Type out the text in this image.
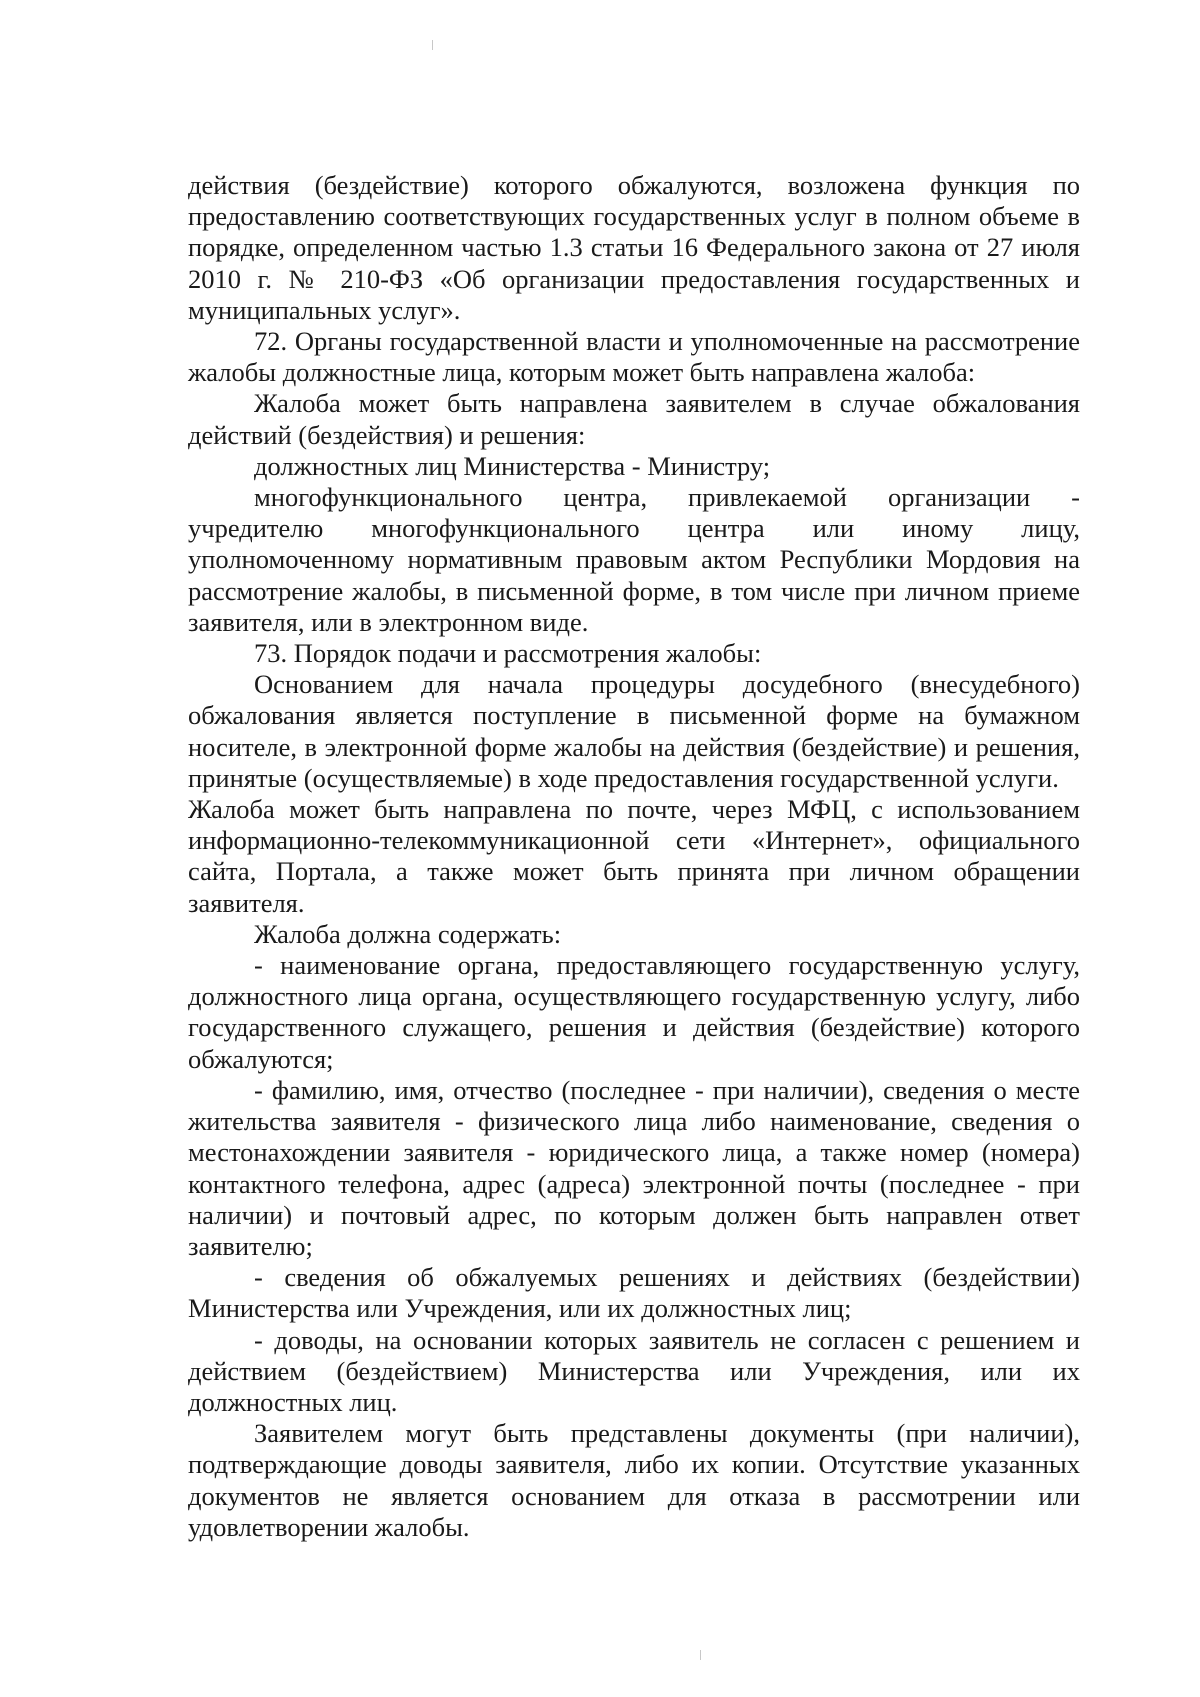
действия (бездействие) которого обжалуются, возложена функция по предоставлению соответствующих государственных услуг в полном объеме в порядке, определенном частью 1.3 статьи 16 Федерального закона от 27 июля 2010 г. № 210-ФЗ «Об организации предоставления государственных и муниципальных услуг».

72. Органы государственной власти и уполномоченные на рассмотрение жалобы должностные лица, которым может быть направлена жалоба:

Жалоба может быть направлена заявителем в случае обжалования действий (бездействия) и решения:

должностных лиц Министерства - Министру;

многофункционального центра, привлекаемой организации - учредителю многофункционального центра или иному лицу, уполномоченному нормативным правовым актом Республики Мордовия на рассмотрение жалобы, в письменной форме, в том числе при личном приеме заявителя, или в электронном виде.

73. Порядок подачи и рассмотрения жалобы:

Основанием для начала процедуры досудебного (внесудебного) обжалования является поступление в письменной форме на бумажном носителе, в электронной форме жалобы на действия (бездействие) и решения, принятые (осуществляемые) в ходе предоставления государственной услуги.

Жалоба может быть направлена по почте, через МФЦ, с использованием информационно-телекоммуникационной сети «Интернет», официального сайта, Портала, а также может быть принята при личном обращении заявителя.

Жалоба должна содержать:

- наименование органа, предоставляющего государственную услугу, должностного лица органа, осуществляющего государственную услугу, либо государственного служащего, решения и действия (бездействие) которого обжалуются;

- фамилию, имя, отчество (последнее - при наличии), сведения о месте жительства заявителя - физического лица либо наименование, сведения о местонахождении заявителя - юридического лица, а также номер (номера) контактного телефона, адрес (адреса) электронной почты (последнее - при наличии) и почтовый адрес, по которым должен быть направлен ответ заявителю;

- сведения об обжалуемых решениях и действиях (бездействии) Министерства или Учреждения, или их должностных лиц;

- доводы, на основании которых заявитель не согласен с решением и действием (бездействием) Министерства или Учреждения, или их должностных лиц.

Заявителем могут быть представлены документы (при наличии), подтверждающие доводы заявителя, либо их копии. Отсутствие указанных документов не является основанием для отказа в рассмотрении или удовлетворении жалобы.
